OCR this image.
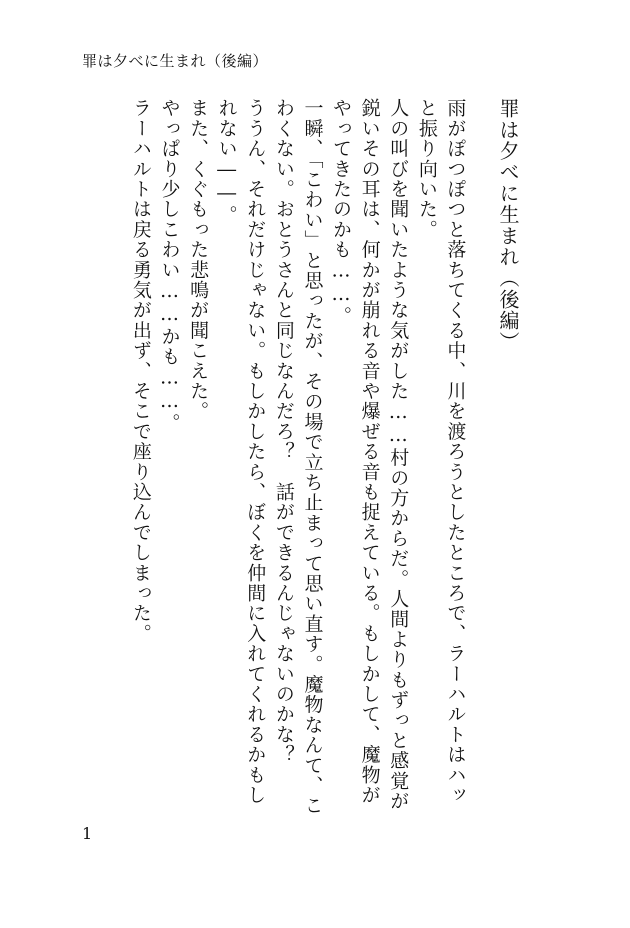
罪は夕べに生まれ（後編）

罪は夕べに生まれ（後編）

雨がぽつぽつと落ちてくる中、川を渡ろうとしたところで、ラーハルトはハッと振り向いた。

人の叫びを聞いたような気がした……村の方からだ。人間よりもずっと感覚が鋭いその耳は、何かが崩れる音や爆ぜる音も捉えている。もしかして、魔物がやってきたのかも……。

一瞬、「こわい」と思ったが、その場で立ち止まって思い直す。魔物なんて、こわくない。おとうさんと同じなんだろ？　話ができるんじゃないのかな？

ううん、それだけじゃない。もしかしたら、ぼくを仲間に入れてくれるかもしれない――。

また、くぐもった悲鳴が聞こえた。

やっぱり少しこわい……かも……。

ラーハルトは戻る勇気が出ず、そこで座り込んでしまった。

1
